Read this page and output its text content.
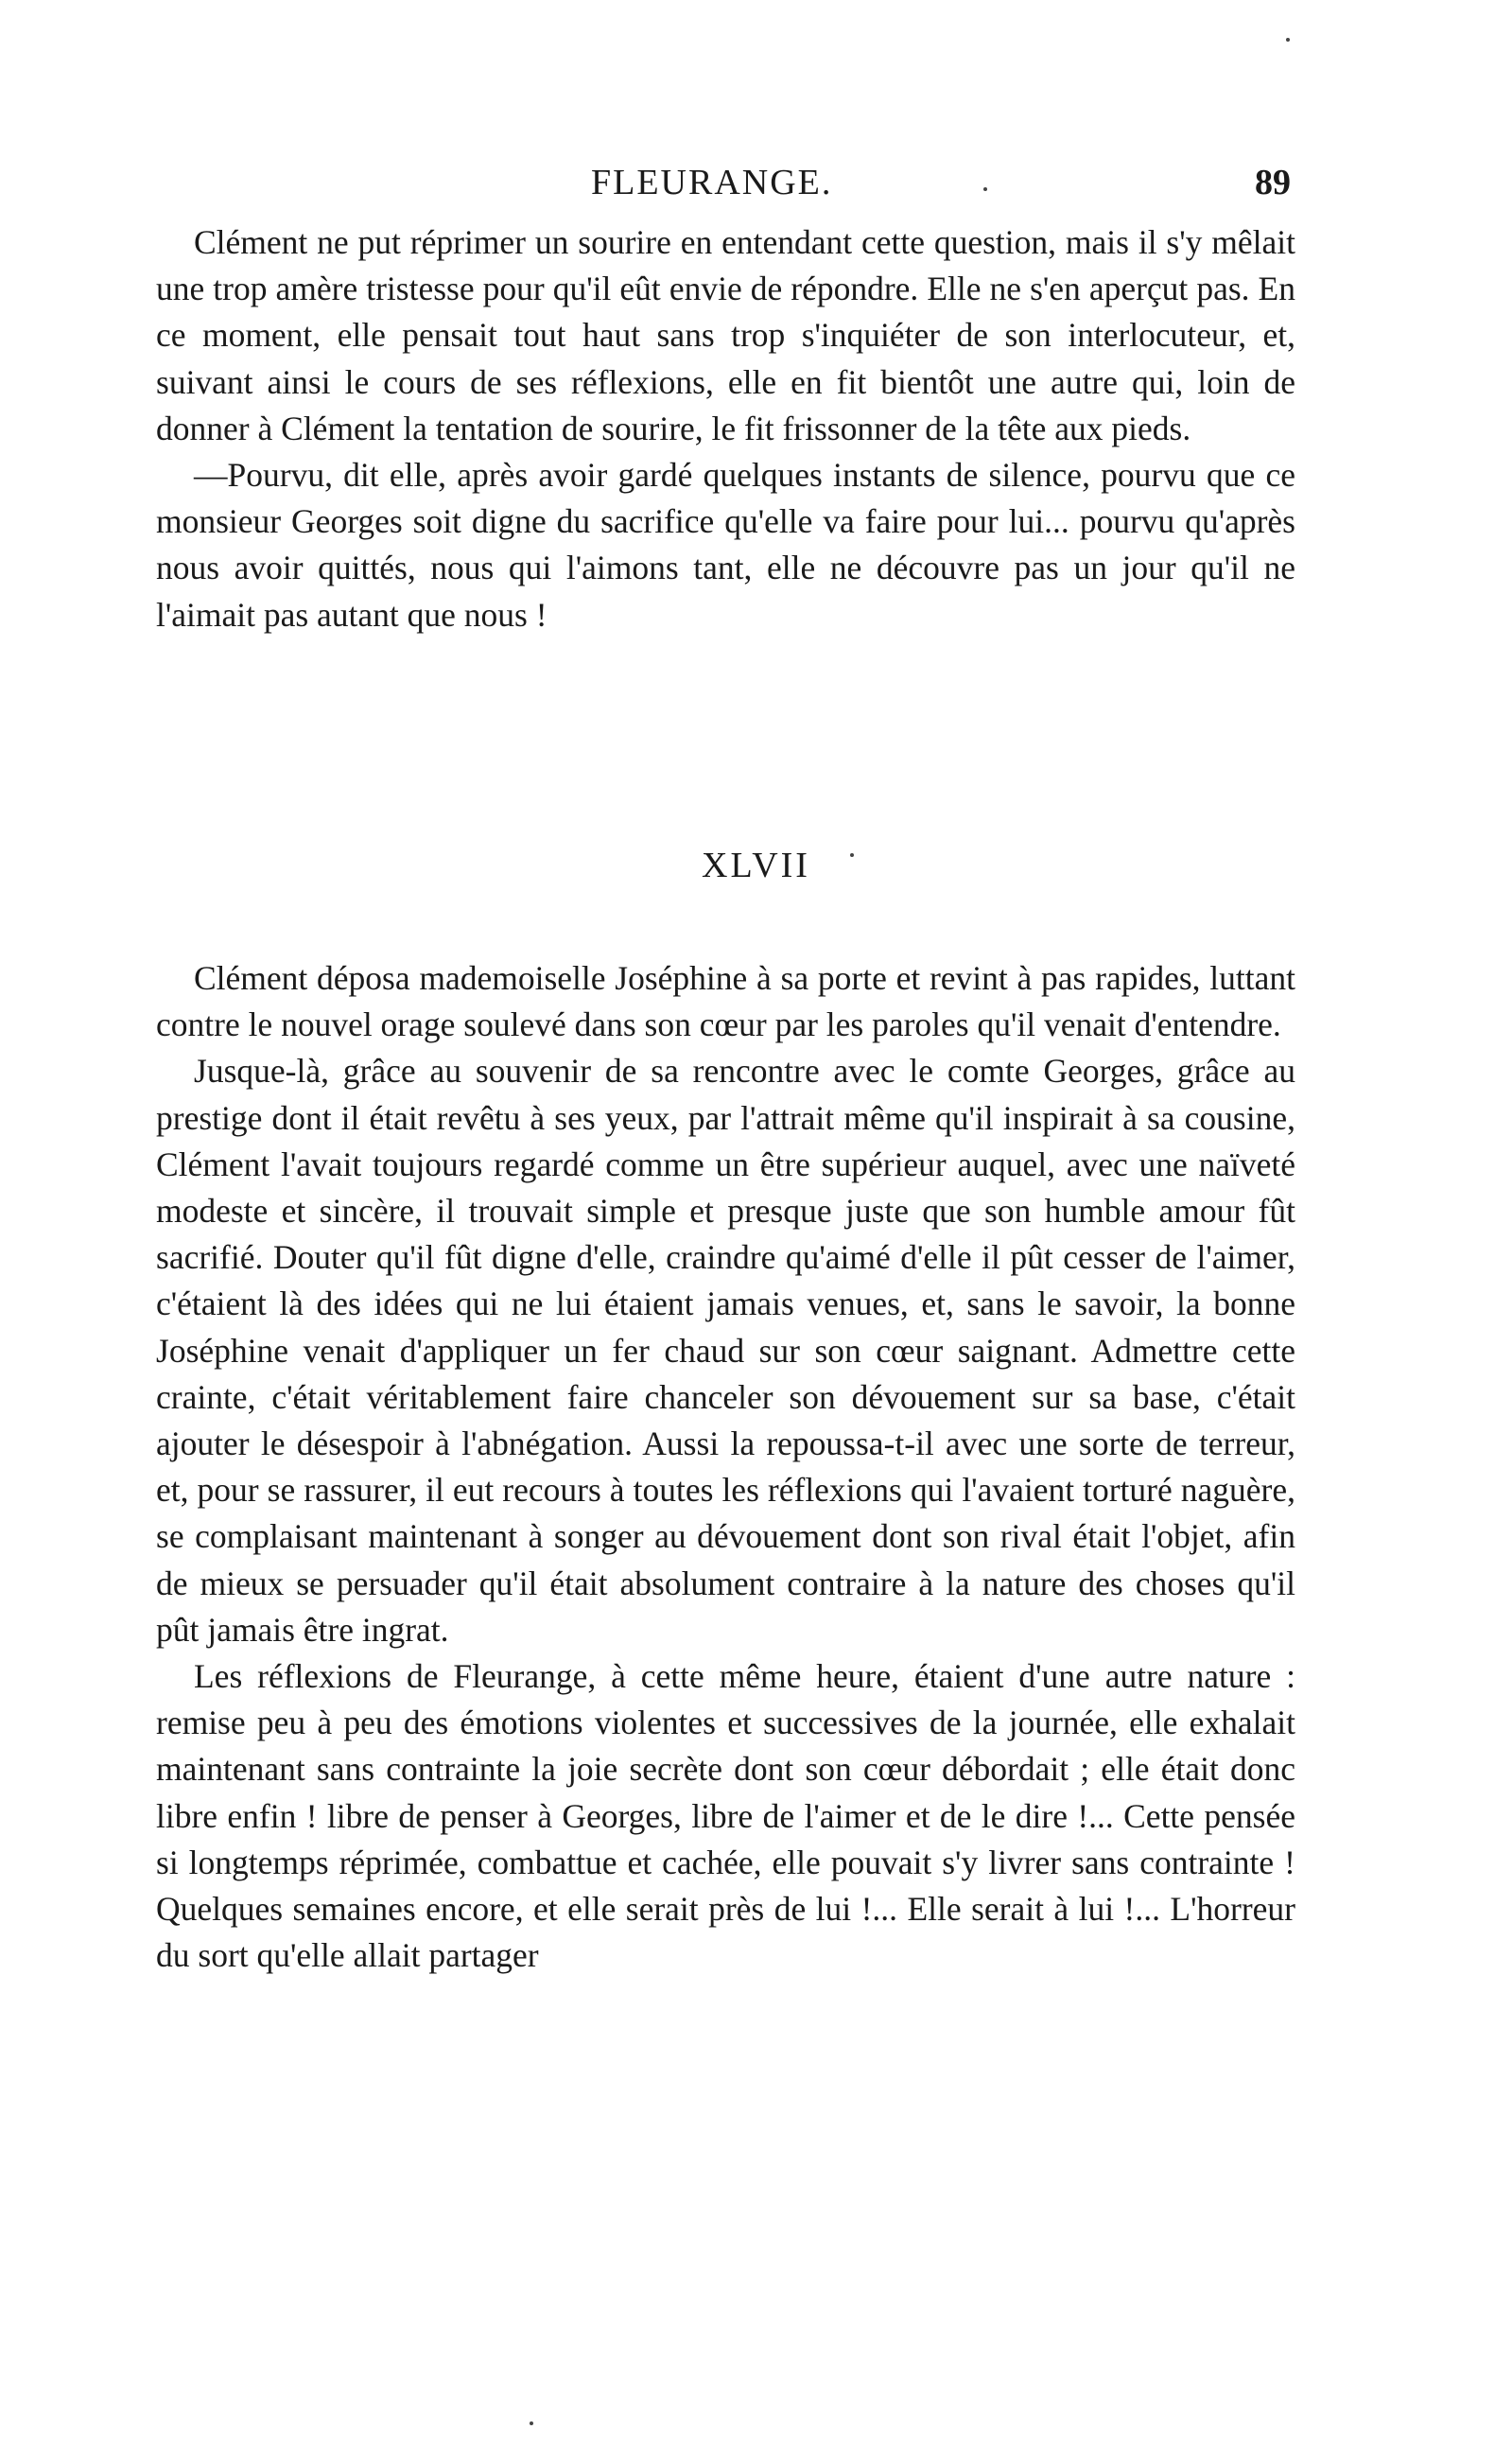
FLEURANGE.	89

Clément ne put réprimer un sourire en entendant cette question, mais il s'y mêlait une trop amère tristesse pour qu'il eût envie de répondre. Elle ne s'en aperçut pas. En ce moment, elle pensait tout haut sans trop s'inquiéter de son interlocuteur, et, suivant ainsi le cours de ses réflexions, elle en fit bientôt une autre qui, loin de donner à Clément la tentation de sourire, le fit frissonner de la tête aux pieds.

—Pourvu, dit elle, après avoir gardé quelques instants de silence, pourvu que ce monsieur Georges soit digne du sacrifice qu'elle va faire pour lui... pourvu qu'après nous avoir quittés, nous qui l'aimons tant, elle ne découvre pas un jour qu'il ne l'aimait pas autant que nous !

XLVII

Clément déposa mademoiselle Joséphine à sa porte et revint à pas rapides, luttant contre le nouvel orage soulevé dans son cœur par les paroles qu'il venait d'entendre.

Jusque-là, grâce au souvenir de sa rencontre avec le comte Georges, grâce au prestige dont il était revêtu à ses yeux, par l'attrait même qu'il inspirait à sa cousine, Clément l'avait toujours regardé comme un être supérieur auquel, avec une naïveté modeste et sincère, il trouvait simple et presque juste que son humble amour fût sacrifié. Douter qu'il fût digne d'elle, craindre qu'aimé d'elle il pût cesser de l'aimer, c'étaient là des idées qui ne lui étaient jamais venues, et, sans le savoir, la bonne Joséphine venait d'appliquer un fer chaud sur son cœur saignant. Admettre cette crainte, c'était véritablement faire chanceler son dévouement sur sa base, c'était ajouter le désespoir à l'abnégation. Aussi la repoussa-t-il avec une sorte de terreur, et, pour se rassurer, il eut recours à toutes les réflexions qui l'avaient torturé naguère, se complaisant maintenant à songer au dévouement dont son rival était l'objet, afin de mieux se persuader qu'il était absolument contraire à la nature des choses qu'il pût jamais être ingrat.

Les réflexions de Fleurange, à cette même heure, étaient d'une autre nature : remise peu à peu des émotions violentes et successives de la journée, elle exhalait maintenant sans contrainte la joie secrète dont son cœur débordait ; elle était donc libre enfin ! libre de penser à Georges, libre de l'aimer et de le dire !... Cette pensée si longtemps réprimée, combattue et cachée, elle pouvait s'y livrer sans contrainte ! Quelques semaines encore, et elle serait près de lui !... Elle serait à lui !... L'horreur du sort qu'elle allait partager
